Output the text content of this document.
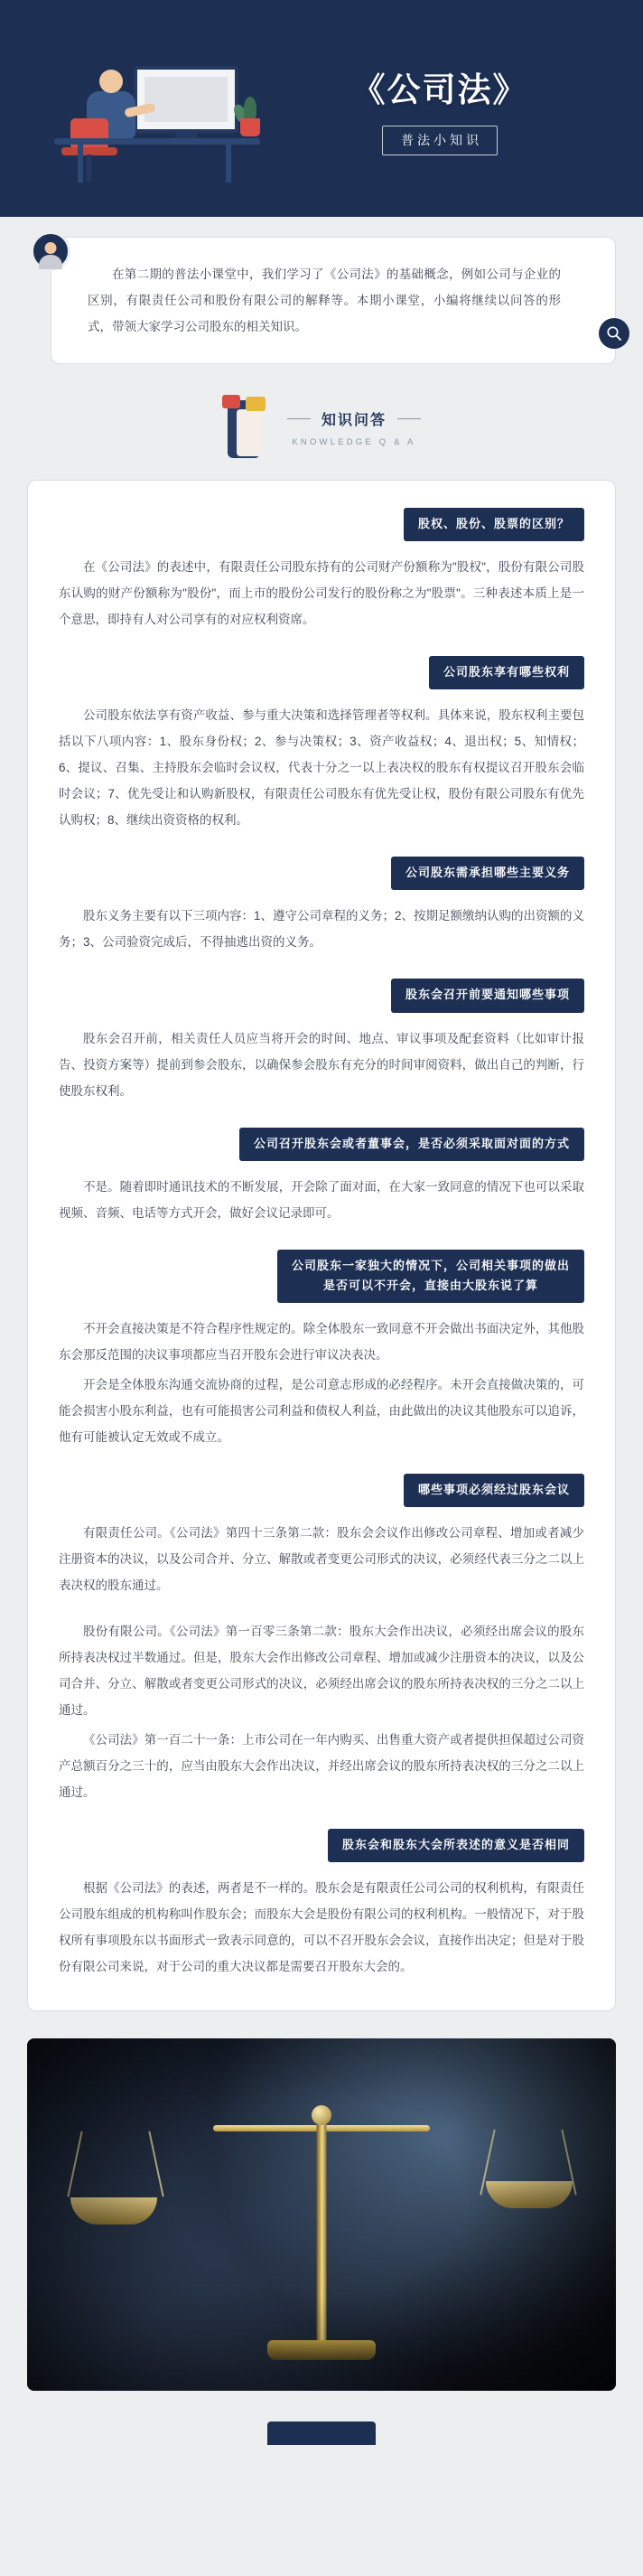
《公司法》
普法小知识

在第二期的普法小课堂中，我们学习了《公司法》的基础概念，例如公司与企业的区别，有限责任公司和股份有限公司的解释等。本期小课堂，小编将继续以问答的形式，带领大家学习公司股东的相关知识。

知识问答
KNOWLEDGE Q & A
股权、股份、股票的区别？

在《公司法》的表述中，有限责任公司股东持有的公司财产份额称为"股权"，股份有限公司股东认购的财产份额称为"股份"，而上市的股份公司发行的股份称之为"股票"。三种表述本质上是一个意思，即持有人对公司享有的对应权利资席。

公司股东享有哪些权利

公司股东依法享有资产收益、参与重大决策和选择管理者等权利。具体来说，股东权利主要包括以下八项内容：1、股东身份权；2、参与决策权；3、资产收益权；4、退出权；5、知情权；6、提议、召集、主持股东会临时会议权，代表十分之一以上表决权的股东有权提议召开股东会临时会议；7、优先受让和认购新股权，有限责任公司股东有优先受让权，股份有限公司股东有优先认购权；8、继续出资资格的权利。

公司股东需承担哪些主要义务

股东义务主要有以下三项内容：1、遵守公司章程的义务；2、按期足额缴纳认购的出资额的义务；3、公司验资完成后，不得抽逃出资的义务。

股东会召开前要通知哪些事项

股东会召开前，相关责任人员应当将开会的时间、地点、审议事项及配套资料（比如审计报告、投资方案等）提前到参会股东，以确保参会股东有充分的时间审阅资料，做出自己的判断，行使股东权利。

公司召开股东会或者董事会，是否必须采取面对面的方式

不是。随着即时通讯技术的不断发展，开会除了面对面，在大家一致同意的情况下也可以采取视频、音频、电话等方式开会，做好会议记录即可。

公司股东一家独大的情况下，公司相关事项的做出是否可以不开会，直接由大股东说了算

不开会直接决策是不符合程序性规定的。除全体股东一致同意不开会做出书面决定外，其他股东会那反范围的决议事项都应当召开股东会进行审议决表决。

开会是全体股东沟通交流协商的过程，是公司意志形成的必经程序。未开会直接做决策的，可能会损害小股东利益，也有可能损害公司利益和债权人利益，由此做出的决议其他股东可以追诉，他有可能被认定无效或不成立。

哪些事项必须经过股东会议

有限责任公司。《公司法》第四十三条第二款：股东会会议作出修改公司章程、增加或者减少注册资本的决议，以及公司合并、分立、解散或者变更公司形式的决议，必须经代表三分之二以上表决权的股东通过。

股份有限公司。《公司法》第一百零三条第二款：股东大会作出决议，必须经出席会议的股东所持表决权过半数通过。但是，股东大会作出修改公司章程、增加或减少注册资本的决议，以及公司合并、分立、解散或者变更公司形式的决议，必须经出席会议的股东所持表决权的三分之二以上通过。

《公司法》第一百二十一条：上市公司在一年内购买、出售重大资产或者提供担保超过公司资产总额百分之三十的，应当由股东大会作出决议，并经出席会议的股东所持表决权的三分之二以上通过。

股东会和股东大会所表述的意义是否相同

根据《公司法》的表述，两者是不一样的。股东会是有限责任公司公司的权利机构，有限责任公司股东组成的机构称叫作股东会；而股东大会是股份有限公司的权利机构。一般情况下，对于股权所有事项股东以书面形式一致表示同意的，可以不召开股东会会议，直接作出决定；但是对于股份有限公司来说，对于公司的重大决议都是需要召开股东大会的。
